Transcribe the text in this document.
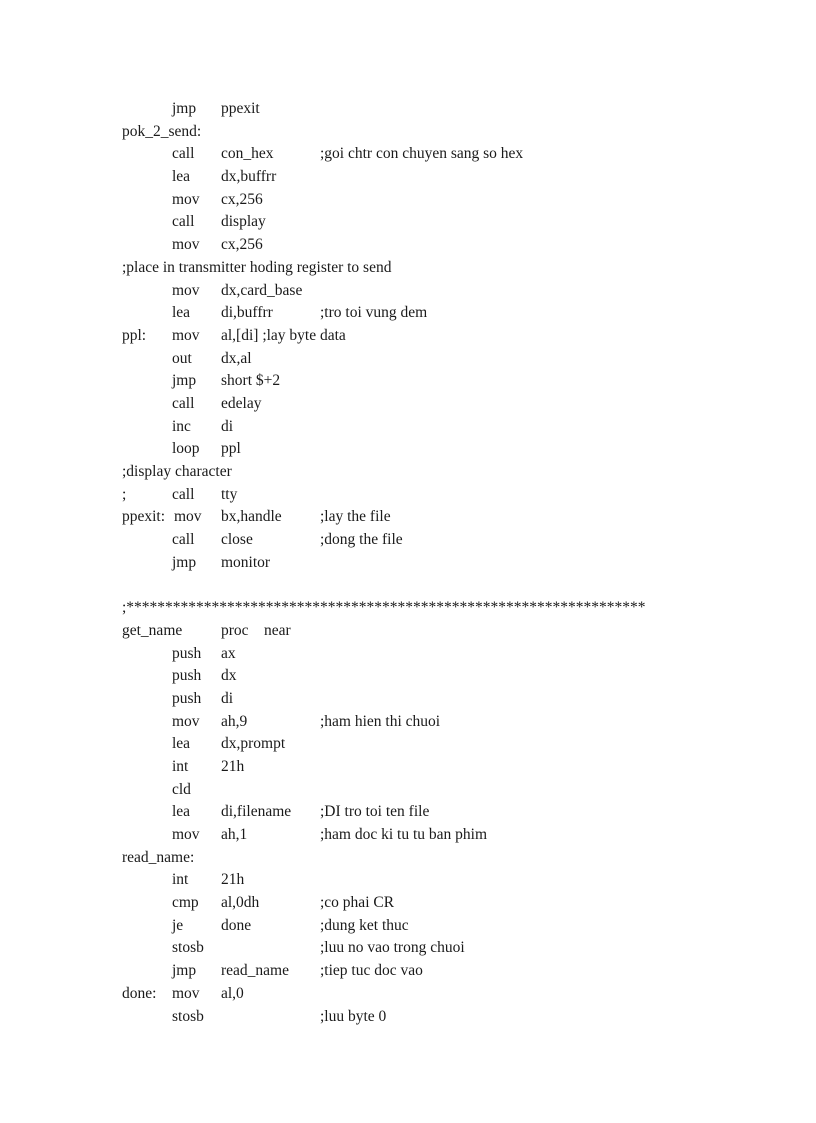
jmp ppexit
pok_2_send:
call con_hex	;goi chtr con chuyen sang so hex
lea dx,buffrr
mov cx,256
call display
mov cx,256
;place in transmitter hoding register to send
mov dx,card_base
lea di,buffrr	;tro toi vung dem
ppl: mov al,[di] ;lay byte data
out dx,al
jmp short $+2
call edelay
inc di
loop ppl
;display character
;	call tty
ppexit: mov bx,handle ;lay the file
call close	;dong the file
jmp monitor
;*******************************************************************
get_name proc    near
push ax
push dx
push di
mov ah,9	;ham hien thi chuoi
lea dx,prompt
int 21h
cld
lea di,filename ;DI tro toi ten file
mov ah,1	;ham doc ki tu tu ban phim
read_name:
int 21h
cmp al,0dh	;co phai CR
je done	;dung ket thuc
stosb	;luu no vao trong chuoi
jmp read_name ;tiep tuc doc vao
done: mov al,0
stosb	;luu byte 0
